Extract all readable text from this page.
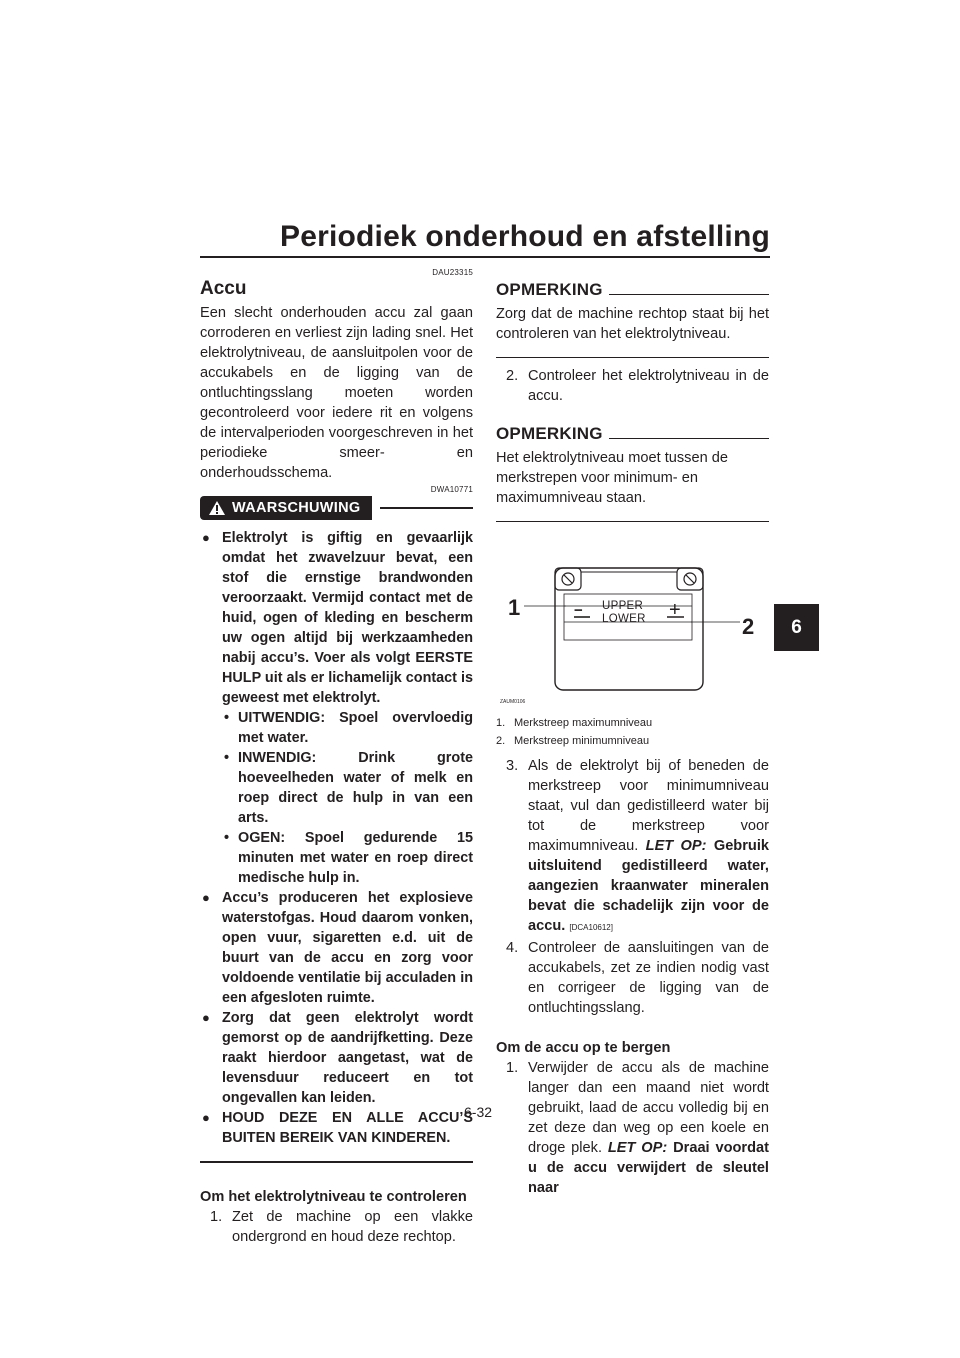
Periodiek onderhoud en afstelling
6
DAU23315
Accu

Een slecht onderhouden accu zal gaan corroderen en verliest zijn lading snel. Het elektrolytniveau, de aansluitpolen voor de accukabels en de ligging van de ontluchtingsslang moeten worden gecontroleerd voor iedere rit en volgens de intervalperioden voorgeschreven in het periodieke smeer- en onderhoudsschema.

DWA10771
WAARSCHUWING
● Elektrolyt is giftig en gevaarlijk omdat het zwavelzuur bevat, een stof die ernstige brandwonden veroorzaakt. Vermijd contact met de huid, ogen of kleding en bescherm uw ogen altijd bij werkzaamheden nabij accu’s. Voer als volgt EERSTE HULP uit als er lichamelijk contact is geweest met elektrolyt.
• UITWENDIG: Spoel overvloedig met water.
• INWENDIG: Drink grote hoeveelheden water of melk en roep direct de hulp in van een arts.
• OGEN: Spoel gedurende 15 minuten met water en roep direct medische hulp in.
● Accu’s produceren het explosieve waterstofgas. Houd daarom vonken, open vuur, sigaretten e.d. uit de buurt van de accu en zorg voor voldoende ventilatie bij acculaden in een afgesloten ruimte.
● Zorg dat geen elektrolyt wordt gemorst op de aandrijfketting. Deze raakt hierdoor aangetast, wat de levensduur reduceert en tot ongevallen kan leiden.
● HOUD DEZE EN ALLE ACCU’S BUITEN BEREIK VAN KINDEREN.
Om het elektrolytniveau te controleren
1. Zet de machine op een vlakke ondergrond en houd deze rechtop.
OPMERKING

Zorg dat de machine rechtop staat bij het controleren van het elektrolytniveau.

2. Controleer het elektrolytniveau in de accu.
OPMERKING

Het elektrolytniveau moet tussen de merkstrepen voor minimum- en maximumniveau staan.

UPPER
LOWER
−	+
1
2
ZAUM0106

1. Merkstreep maximumniveau

2. Merkstreep minimumniveau

3. Als de elektrolyt bij of beneden de merkstreep voor minimumniveau staat, vul dan gedistilleerd water bij tot de merkstreep voor maximumniveau. LET OP: Gebruik uitsluitend gedistilleerd water, aangezien kraanwater mineralen bevat die schadelijk zijn voor de accu. [DCA10612]
4. Controleer de aansluitingen van de accukabels, zet ze indien nodig vast en corrigeer de ligging van de ontluchtingsslang.
Om de accu op te bergen
1. Verwijder de accu als de machine langer dan een maand niet wordt gebruikt, laad de accu volledig bij en zet deze dan weg op een koele en droge plek. LET OP: Draai voordat u de accu verwijdert de sleutel naar
6-32
